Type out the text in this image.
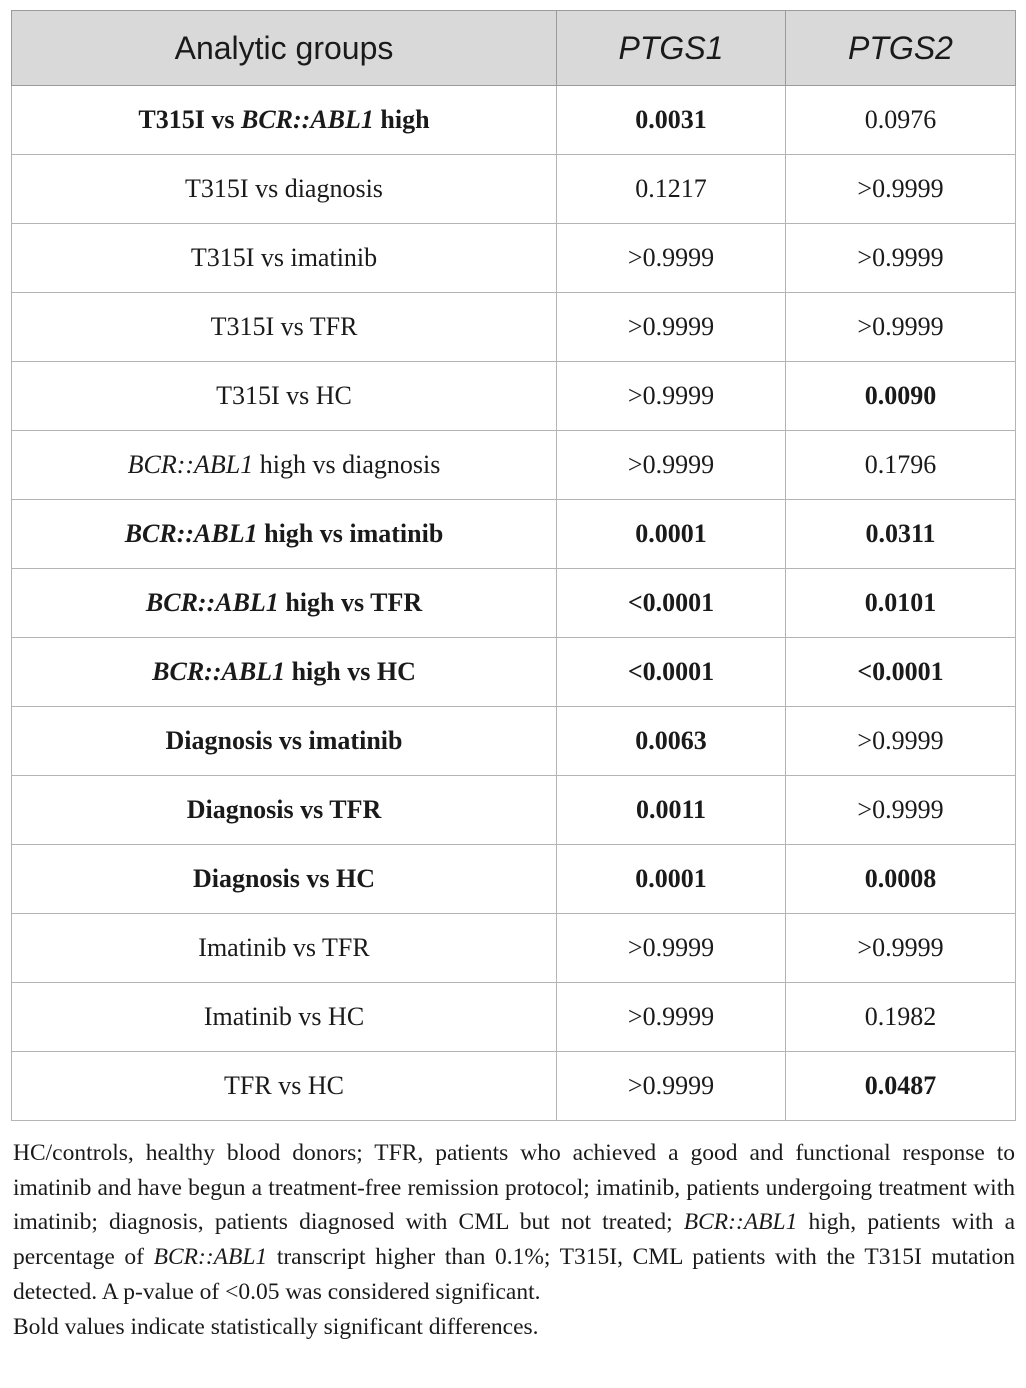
Analytic groups	PTGS1	PTGS2
T315I vs BCR::ABL1 high	0.0031	0.0976
T315I vs diagnosis	0.1217	>0.9999
T315I vs imatinib	>0.9999	>0.9999
T315I vs TFR	>0.9999	>0.9999
T315I vs HC	>0.9999	0.0090
BCR::ABL1 high vs diagnosis	>0.9999	0.1796
BCR::ABL1 high vs imatinib	0.0001	0.0311
BCR::ABL1 high vs TFR	<0.0001	0.0101
BCR::ABL1 high vs HC	<0.0001	<0.0001
Diagnosis vs imatinib	0.0063	>0.9999
Diagnosis vs TFR	0.0011	>0.9999
Diagnosis vs HC	0.0001	0.0008
Imatinib vs TFR	>0.9999	>0.9999
Imatinib vs HC	>0.9999	0.1982
TFR vs HC	>0.9999	0.0487

HC/controls, healthy blood donors; TFR, patients who achieved a good and functional response to imatinib and have begun a treatment-free remission protocol; imatinib, patients undergoing treatment with imatinib; diagnosis, patients diagnosed with CML but not treated; BCR::ABL1 high, patients with a percentage of BCR::ABL1 transcript higher than 0.1%; T315I, CML patients with the T315I mutation detected. A p-value of <0.05 was considered significant.

Bold values indicate statistically significant differences.
